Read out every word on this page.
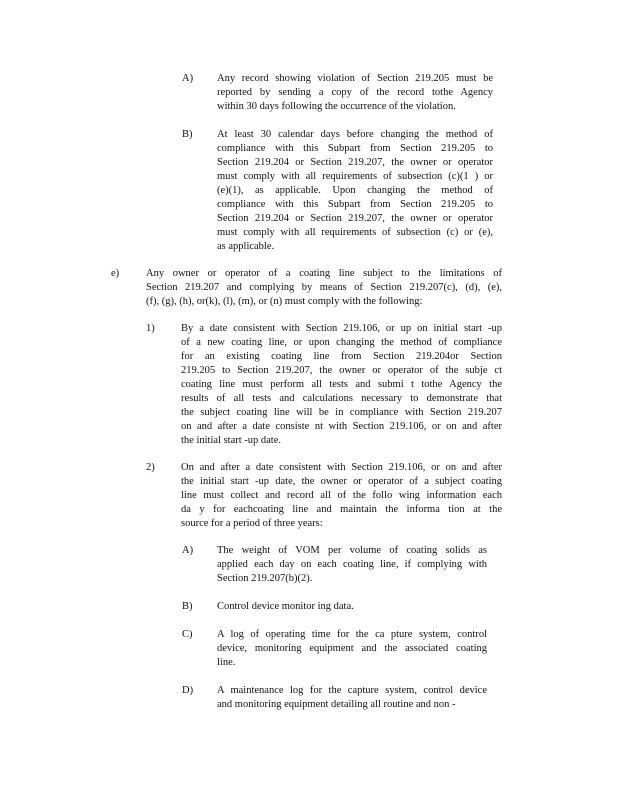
A)	Any record showing violation of Section 219.205 must be
reported by sending a copy of the record tothe Agency
within 30 days following the occurrence of the violation.
B)	At least 30 calendar days before changing the method of
compliance with this Subpart from Section 219.205 to
Section 219.204 or Section 219.207, the owner or operator
must comply with all requirements of subsection (c)(1 ) or
(e)(1), as applicable. Upon changing the method of
compliance with this Subpart from Section 219.205 to
Section 219.204 or Section 219.207, the owner or operator
must comply with all requirements of subsection (c) or (e),
as applicable.
e)	Any owner or operator of a coating line subject to the limitations of
Section 219.207 and complying by means of Section 219.207(c), (d), (e),
(f), (g), (h), or(k), (l), (m), or (n) must comply with the following:
1)	By a date consistent with Section 219.106, or up on initial start -up
of a new coating line, or upon changing the method of compliance
for an existing coating line from Section 219.204or Section
219.205 to Section 219.207, the owner or operator of the subje ct
coating line must perform all tests and submi t tothe Agency the
results of all tests and calculations necessary to demonstrate that
the subject coating line will be in compliance with Section 219.207
on and after a date consiste nt with Section 219.106, or on and after
the initial start -up date.
2)	On and after a date consistent with Section 219.106, or on and after
the initial start -up date, the owner or operator of a subject coating
line must collect and record all of the follo wing information each
da y for eachcoating line and maintain the informa tion at the
source for a period of three years:
A)	The weight of VOM per volume of coating solids as
applied each day on each coating line, if complying with
Section 219.207(b)(2).
B)	Control device monitor ing data.
C)	A log of operating time for the ca pture system, control
device, monitoring equipment and the associated coating
line.
D)	A maintenance log for the capture system, control device
and monitoring equipment detailing all routine and non -
